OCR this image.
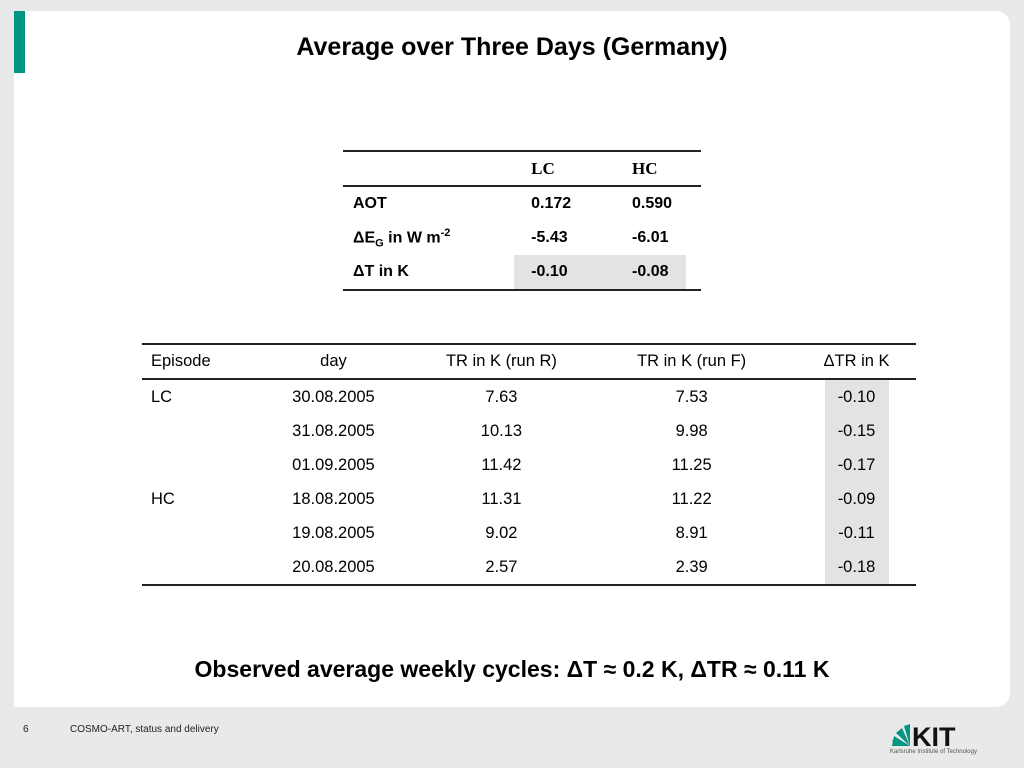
Average over Three Days (Germany)
	LC	HC
AOT	0.172	0.590
$\Delta E_G$ in W $m^{-2}$	-5.43	-6.01
ΔT in K	-0.10	-0.08
Episode	day	TR in K (run R)	TR in K (run F)	ΔTR in K
LC	30.08.2005	7.63	7.53	-0.10
	31.08.2005	10.13	9.98	-0.15
	01.09.2005	11.42	11.25	-0.17
HC	18.08.2005	11.31	11.22	-0.09
	19.08.2005	9.02	8.91	-0.11
	20.08.2005	2.57	2.39	-0.18
Observed average weekly cycles: ΔT ≈ 0.2 K, ΔTR ≈ 0.11 K
6	COSMO-ART, status and delivery	KIT
Karlsruhe Institute of Technology
